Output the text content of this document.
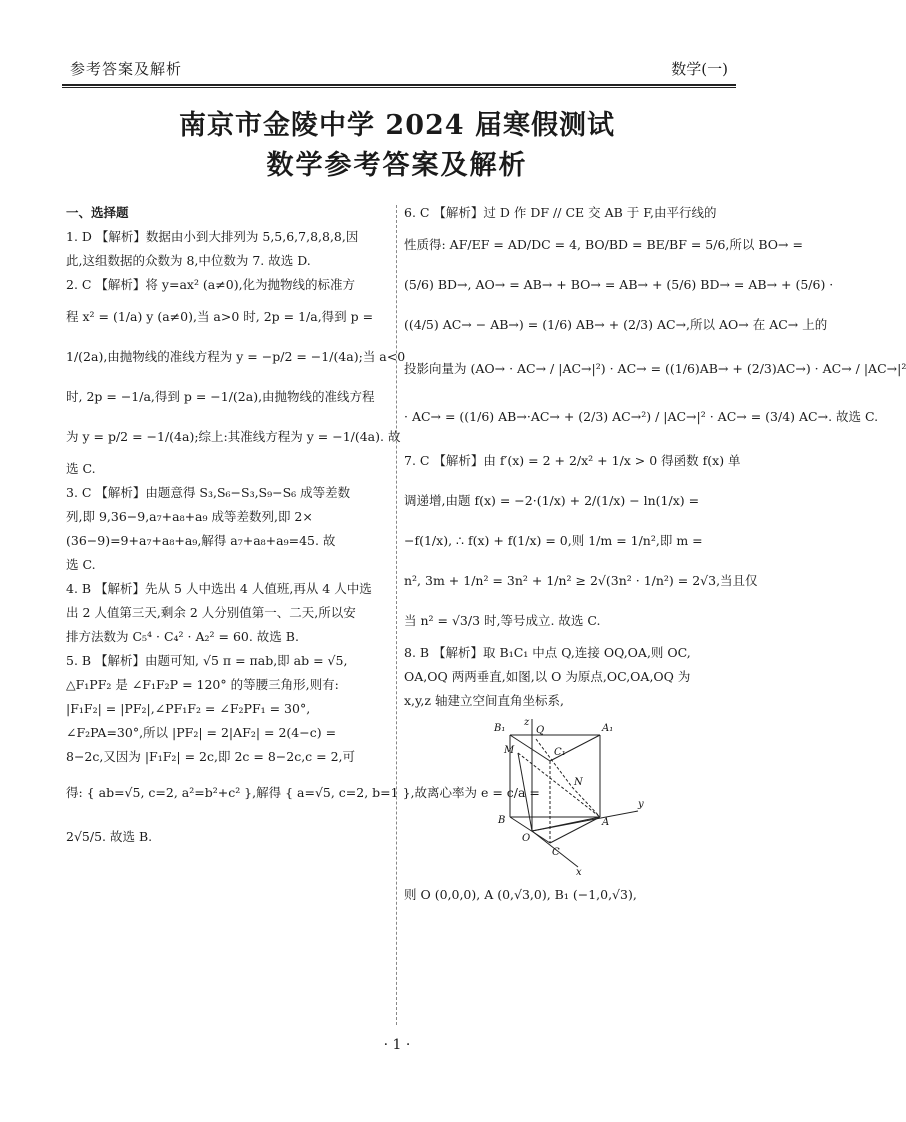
参考答案及解析	数学(一)
南京市金陵中学 2024 届寒假测试
数学参考答案及解析
一、选择题
1. D 【解析】数据由小到大排列为 5,5,6,7,8,8,8,因
此,这组数据的众数为 8,中位数为 7. 故选 D.
2. C 【解析】将 y=ax² (a≠0),化为抛物线的标准方
程 x² = (1/a) y (a≠0),当 a>0 时, 2p = 1/a,得到 p =
1/(2a),由抛物线的准线方程为 y = −p/2 = −1/(4a);当 a<0
时, 2p = −1/a,得到 p = −1/(2a),由抛物线的准线方程
为 y = p/2 = −1/(4a);综上:其准线方程为 y = −1/(4a). 故
选 C.
3. C 【解析】由题意得 S₃,S₆−S₃,S₉−S₆ 成等差数
列,即 9,36−9,a₇+a₈+a₉ 成等差数列,即 2×
(36−9)=9+a₇+a₈+a₉,解得 a₇+a₈+a₉=45. 故
选 C.
4. B 【解析】先从 5 人中选出 4 人值班,再从 4 人中选
出 2 人值第三天,剩余 2 人分别值第一、二天,所以安
排方法数为 C₅⁴ · C₄² · A₂² = 60. 故选 B.
5. B 【解析】由题可知, √5 π = πab,即 ab = √5,
△F₁PF₂ 是 ∠F₁F₂P = 120° 的等腰三角形,则有:
|F₁F₂| = |PF₂|,∠PF₁F₂ = ∠F₂PF₁ = 30°,
∠F₂PA=30°,所以 |PF₂| = 2|AF₂| = 2(4−c) =
8−2c,又因为 |F₁F₂| = 2c,即 2c = 8−2c,c = 2,可
得: { ab=√5, c=2, a²=b²+c² },解得 { a=√5, c=2, b=1 },故离心率为 e = c/a =
2√5/5. 故选 B.
6. C 【解析】过 D 作 DF // CE 交 AB 于 F,由平行线的
性质得: AF/EF = AD/DC = 4, BO/BD = BE/BF = 5/6,所以 BO→ =
(5/6) BD→, AO→ = AB→ + BO→ = AB→ + (5/6) BD→ = AB→ + (5/6) ·
((4/5) AC→ − AB→) = (1/6) AB→ + (2/3) AC→,所以 AO→ 在 AC→ 上的
投影向量为 (AO→ · AC→ / |AC→|²) · AC→ = ((1/6)AB→ + (2/3)AC→) · AC→ / |AC→|²
· AC→ = ((1/6) AB→·AC→ + (2/3) AC→²) / |AC→|² · AC→ = (3/4) AC→. 故选 C.
7. C 【解析】由 f′(x) = 2 + 2/x² + 1/x > 0 得函数 f(x) 单
调递增,由题 f(x) = −2·(1/x) + 2/(1/x) − ln(1/x) =
−f(1/x), ∴ f(x) + f(1/x) = 0,则 1/m = 1/n²,即 m =
n², 3m + 1/n² = 3n² + 1/n² ≥ 2√(3n² · 1/n²) = 2√3,当且仅
当 n² = √3/3 时,等号成立. 故选 C.
8. B 【解析】取 B₁C₁ 中点 Q,连接 OQ,OA,则 OC,
OA,OQ 两两垂直,如图,以 O 为原点,OC,OA,OQ 为
x,y,z 轴建立空间直角坐标系,
B₁	A₁
C₁
Q
M
N
B	A
O
C
x
y
z
则 O (0,0,0), A (0,√3,0), B₁ (−1,0,√3),
· 1 ·
